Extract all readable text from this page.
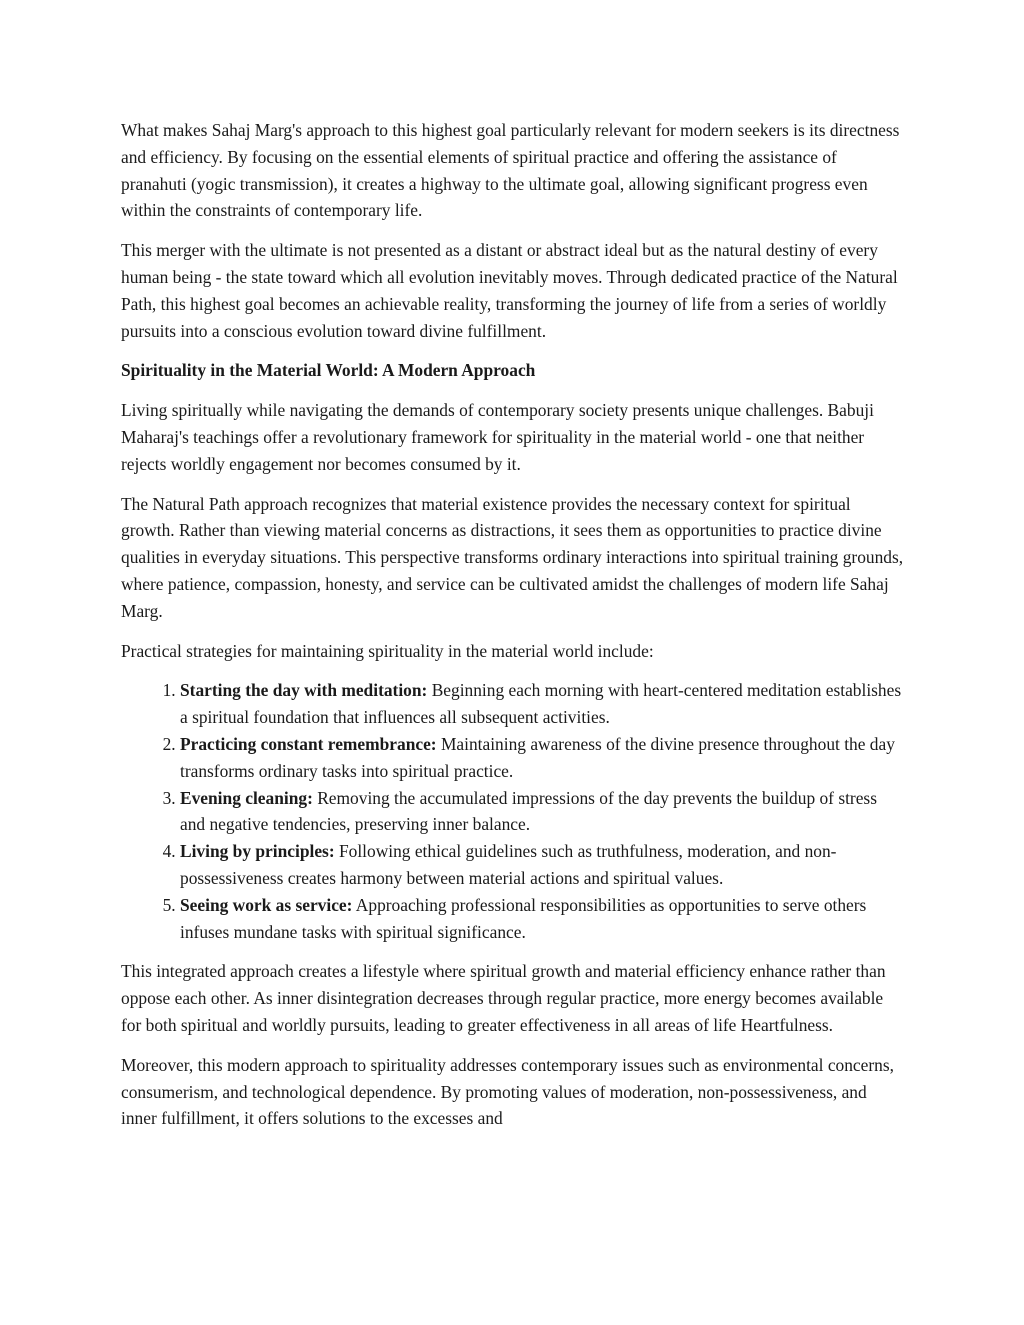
What makes Sahaj Marg's approach to this highest goal particularly relevant for modern seekers is its directness and efficiency. By focusing on the essential elements of spiritual practice and offering the assistance of pranahuti (yogic transmission), it creates a highway to the ultimate goal, allowing significant progress even within the constraints of contemporary life.

This merger with the ultimate is not presented as a distant or abstract ideal but as the natural destiny of every human being - the state toward which all evolution inevitably moves. Through dedicated practice of the Natural Path, this highest goal becomes an achievable reality, transforming the journey of life from a series of worldly pursuits into a conscious evolution toward divine fulfillment.

Spirituality in the Material World: A Modern Approach

Living spiritually while navigating the demands of contemporary society presents unique challenges. Babuji Maharaj's teachings offer a revolutionary framework for spirituality in the material world - one that neither rejects worldly engagement nor becomes consumed by it.

The Natural Path approach recognizes that material existence provides the necessary context for spiritual growth. Rather than viewing material concerns as distractions, it sees them as opportunities to practice divine qualities in everyday situations. This perspective transforms ordinary interactions into spiritual training grounds, where patience, compassion, honesty, and service can be cultivated amidst the challenges of modern life Sahaj Marg.

Practical strategies for maintaining spirituality in the material world include:

1. Starting the day with meditation: Beginning each morning with heart-centered meditation establishes a spiritual foundation that influences all subsequent activities.
2. Practicing constant remembrance: Maintaining awareness of the divine presence throughout the day transforms ordinary tasks into spiritual practice.
3. Evening cleaning: Removing the accumulated impressions of the day prevents the buildup of stress and negative tendencies, preserving inner balance.
4. Living by principles: Following ethical guidelines such as truthfulness, moderation, and non-possessiveness creates harmony between material actions and spiritual values.
5. Seeing work as service: Approaching professional responsibilities as opportunities to serve others infuses mundane tasks with spiritual significance.

This integrated approach creates a lifestyle where spiritual growth and material efficiency enhance rather than oppose each other. As inner disintegration decreases through regular practice, more energy becomes available for both spiritual and worldly pursuits, leading to greater effectiveness in all areas of life Heartfulness.

Moreover, this modern approach to spirituality addresses contemporary issues such as environmental concerns, consumerism, and technological dependence. By promoting values of moderation, non-possessiveness, and inner fulfillment, it offers solutions to the excesses and
